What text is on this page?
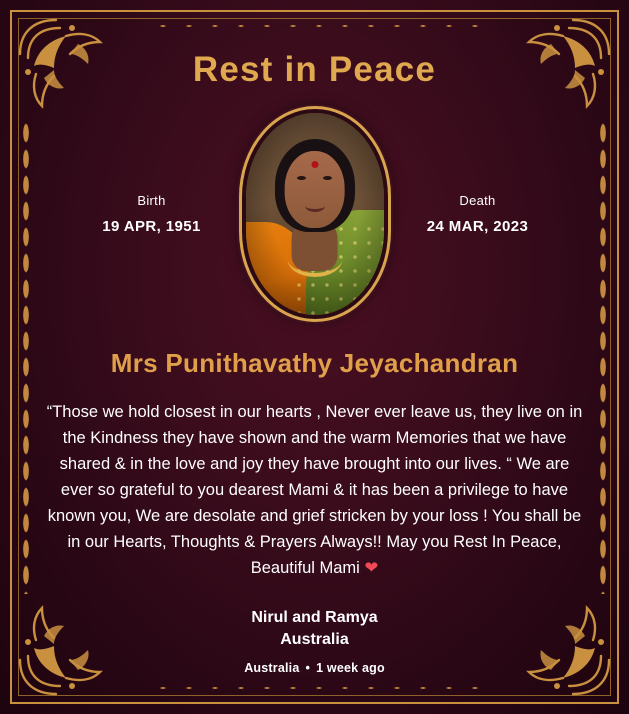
Rest in Peace
Birth
19 APR, 1951
Death
24 MAR, 2023
Mrs Punithavathy Jeyachandran
“Those we hold closest in our hearts , Never ever leave us, they live on in the Kindness they have shown and the warm Memories that we have shared & in the love and joy they have brought into our lives. “ We are ever so grateful to you dearest Mami & it has been a privilege to have known you, We are desolate and grief stricken by your loss ! You shall be in our Hearts, Thoughts & Prayers Always!! May you Rest In Peace, Beautiful Mami ❤
Nirul and Ramya
Australia
Australia • 1 week ago
